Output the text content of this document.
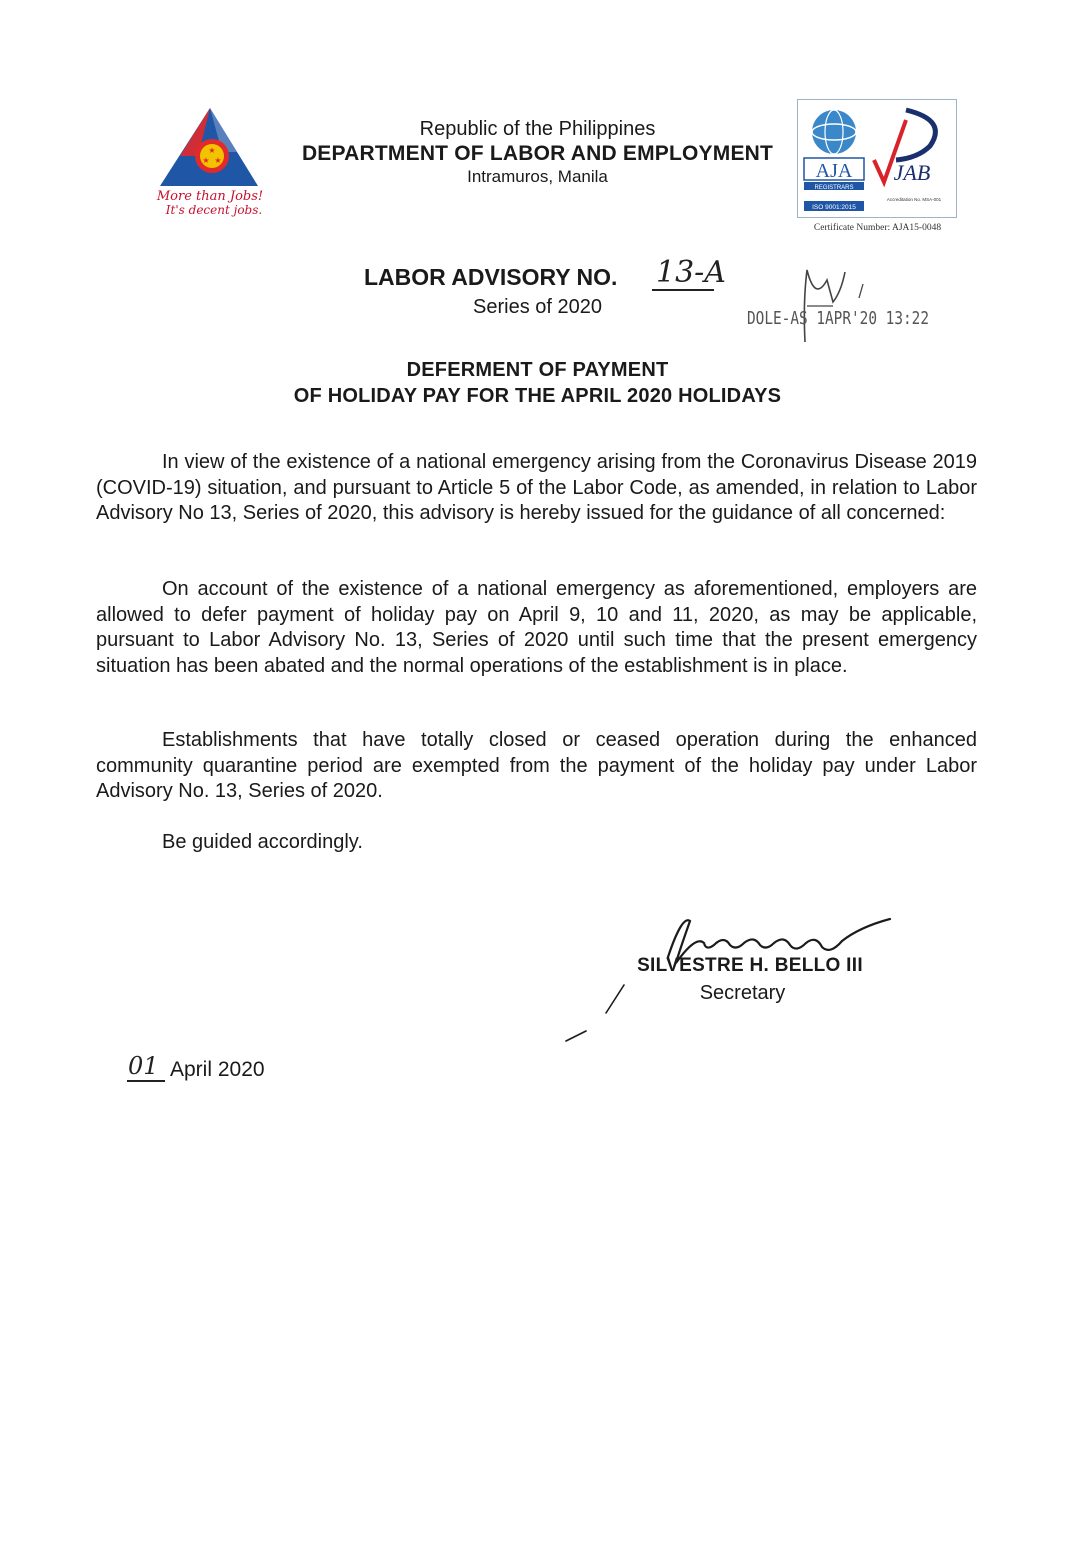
★
★ ★
More than Jobs!
It's decent jobs.
Republic of the Philippines
DEPARTMENT OF LABOR AND EMPLOYMENT
Intramuros, Manila	AJA
REGISTRARS
ISO 9001:2015
JAB
Accreditation No. MSA-001
Certificate Number: AJA15-0048
LABOR ADVISORY NO. 13-A
Series of 2020
DOLE-AS 1APR'20 13:22
DEFERMENT OF PAYMENT
OF HOLIDAY PAY FOR THE APRIL 2020 HOLIDAYS

In view of the existence of a national emergency arising from the Coronavirus Disease 2019 (COVID-19) situation, and pursuant to Article 5 of the Labor Code, as amended, in relation to Labor Advisory No 13, Series of 2020, this advisory is hereby issued for the guidance of all concerned:

On account of the existence of a national emergency as aforementioned, employers are allowed to defer payment of holiday pay on April 9, 10 and 11, 2020, as may be applicable, pursuant to Labor Advisory No. 13, Series of 2020 until such time that the present emergency situation has been abated and the normal operations of the establishment is in place.

Establishments that have totally closed or ceased operation during the enhanced community quarantine period are exempted from the payment of the holiday pay under Labor Advisory No. 13, Series of 2020.

Be guided accordingly.

SILVESTRE H. BELLO III
Secretary
01 April 2020
